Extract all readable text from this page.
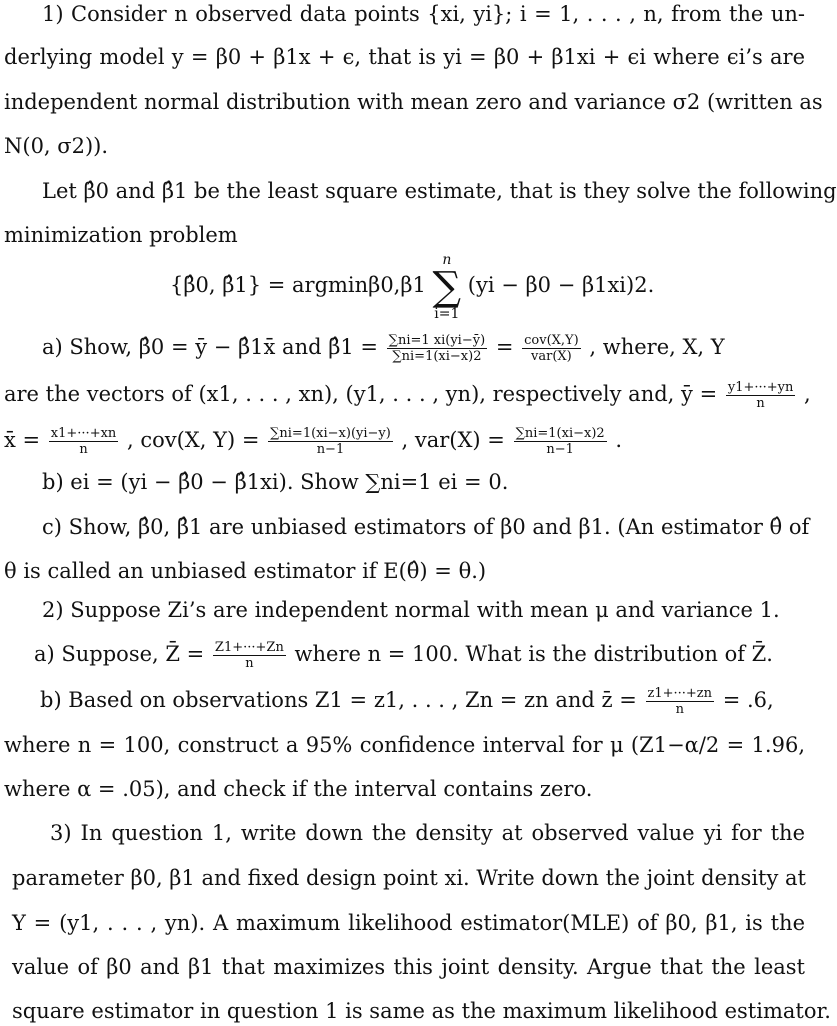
1) Consider n observed data points {xi, yi}; i = 1, . . . , n, from the un-
derlying model y = β0 + β1x + ϵ, that is yi = β0 + β1xi + ϵi where ϵi’s are
independent normal distribution with mean zero and variance σ2 (written as
N(0, σ2)).
Let β̂0 and β̂1 be the least square estimate, that is they solve the following
minimization problem
{β̂0, β̂1} = argminβ0,β1
n
∑
i=1
(yi − β0 − β1xi)2.
a) Show, β̂0 = ȳ − β̂1x̄ and β̂1 = $\frac{\sum ni=1 xi(yi-ȳ)}{\sum ni=1(xi-x)2} = \frac{\text{cov(X,Y)}}{\text{var(X)}}$ , where, X, Y
are the vectors of (x1, . . . , xn), (y1, . . . , yn), respectively and, ȳ = $\frac{y1+\cdot\cdot\cdot+yn}{n}$ ,
x̄ = $\frac{x1+\cdot\cdot\cdot+xn}{n}$ , cov(X, $Y) = \frac{\sum ni=1(xi-x)(yi-y)}{n-1}$ , $var(X) = \frac{\sum ni=1(xi-x)2}{n-1}$ .
b) ei = (yi − β̂0 − β̂1xi). Show ∑ni=1 ei = 0.
c) Show, β̂0, β̂1 are unbiased estimators of β0 and β1. (An estimator θ̂ of
θ is called an unbiased estimator if E(θ̂) = θ.)
2) Suppose Zi’s are independent normal with mean μ and variance 1.
a) Suppose, Z̄ = $\frac{Z1+\cdot\cdot\cdot+Zn}{n}$ where n = 100. What is the distribution of Z̄.
b) Based on observations Z1 = z1, . . . , Zn = zn and z̄ = $\frac{z1+\cdot\cdot\cdot+zn}{n} = .6$,
where n = 100, construct a 95% confidence interval for μ (Z1−α/2 = 1.96,
where α = .05), and check if the interval contains zero.
3) In question 1, write down the density at observed value yi for the
parameter β0, β1 and fixed design point xi. Write down the joint density at
Y = (y1, . . . , yn). A maximum likelihood estimator(MLE) of β0, β1, is the
value of β0 and β1 that maximizes this joint density. Argue that the least
square estimator in question 1 is same as the maximum likelihood estimator.
